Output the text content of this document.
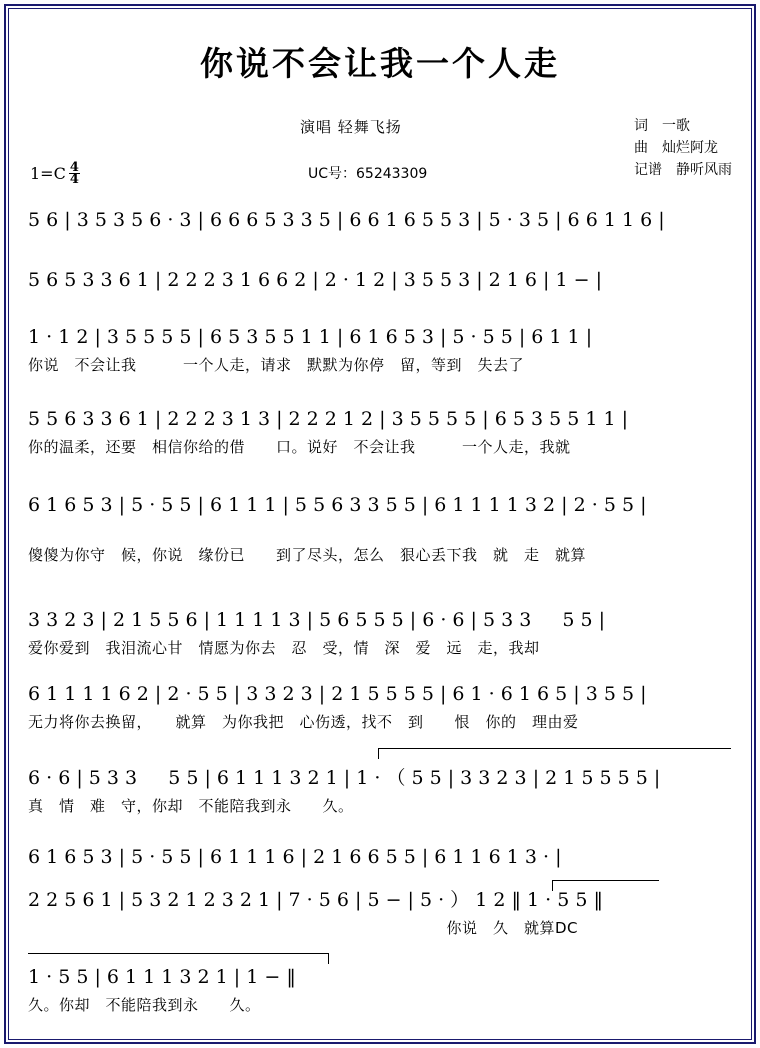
你说不会让我一个人走
演唱 轻舞飞扬
UC号：65243309
词　一歌
曲　灿烂阿龙
记谱　静听风雨
$1=C \frac{4}{4}$
5 6 | 3 5 3 5 6 · 3 | 6 6 6 5 3 3 5 | 6 6 1 6 5 5 3 | 5 · 3 5 | 6 6 1 1 6 |
5 6 5 3 3 6 1 | 2 2 2 3 1 6 6 2 | 2 · 1 2 | 3 5 5 3 | 2 1 6 | 1 − |
1 · 1 2 | 3 5 5 5 5 | 6 5 3 5 5 1 1 | 6 1 6 5 3 | 5 · 5 5 | 6 1 1 |
你说　不会让我　　　一个人走，请求　默默为你停　留，等到　失去了
5 5 6 3 3 6 1 | 2 2 2 3 1 3 | 2 2 2 1 2 | 3 5 5 5 5 | 6 5 3 5 5 1 1 |
你的温柔，还要　相信你给的借　　口。说好　不会让我　　　一个人走，我就
6 1 6 5 3 | 5 · 5 5 | 6 1 1 1 | 5 5 6 3 3 5 5 | 6 1 1 1 1 3 2 | 2 · 5 5 |
傻傻为你守　候，你说　缘份已　　到了尽头，怎么　狠心丢下我　就　走　就算
3 3 2 3 | 2 1 5 5 6 | 1 1 1 1 3 | 5 6 5 5 5 | 6 · 6 | 5 3 3 　 5 5 |
爱你爱到　我泪流心甘　情愿为你去　忍　受，情　深　爱　远　走，我却
6 1 1 1 1 6 2 | 2 · 5 5 | 3 3 2 3 | 2 1 5 5 5 5 | 6 1 · 6 1 6 5 | 3 5 5 |
无力将你去换留，　　就算　为你我把　心伤透，找不　到　　恨　你的　理由爱
6 · 6 | 5 3 3 　 5 5 | 6 1 1 1 3 2 1 | 1 · （ 5 5 | 3 3 2 3 | 2 1 5 5 5 5 |
真　情　难　守，你却　不能陪我到永　　久。
6 1 6 5 3 | 5 · 5 5 | 6 1 1 1 6 | 2 1 6 6 5 5 | 6 1 1 6 1 3 · |
2 2 5 6 1 | 5 3 2 1 2 3 2 1 | 7 · 5 6 | 5 − | 5 · ） 1 2 ‖ 1 · 5 5 ‖
　　　　　　　　　　　　　　　　　　　　　　　　　　　你说　久　就算DC
1 · 5 5 | 6 1 1 1 3 2 1 | 1 − ‖
久。你却　不能陪我到永　　久。
